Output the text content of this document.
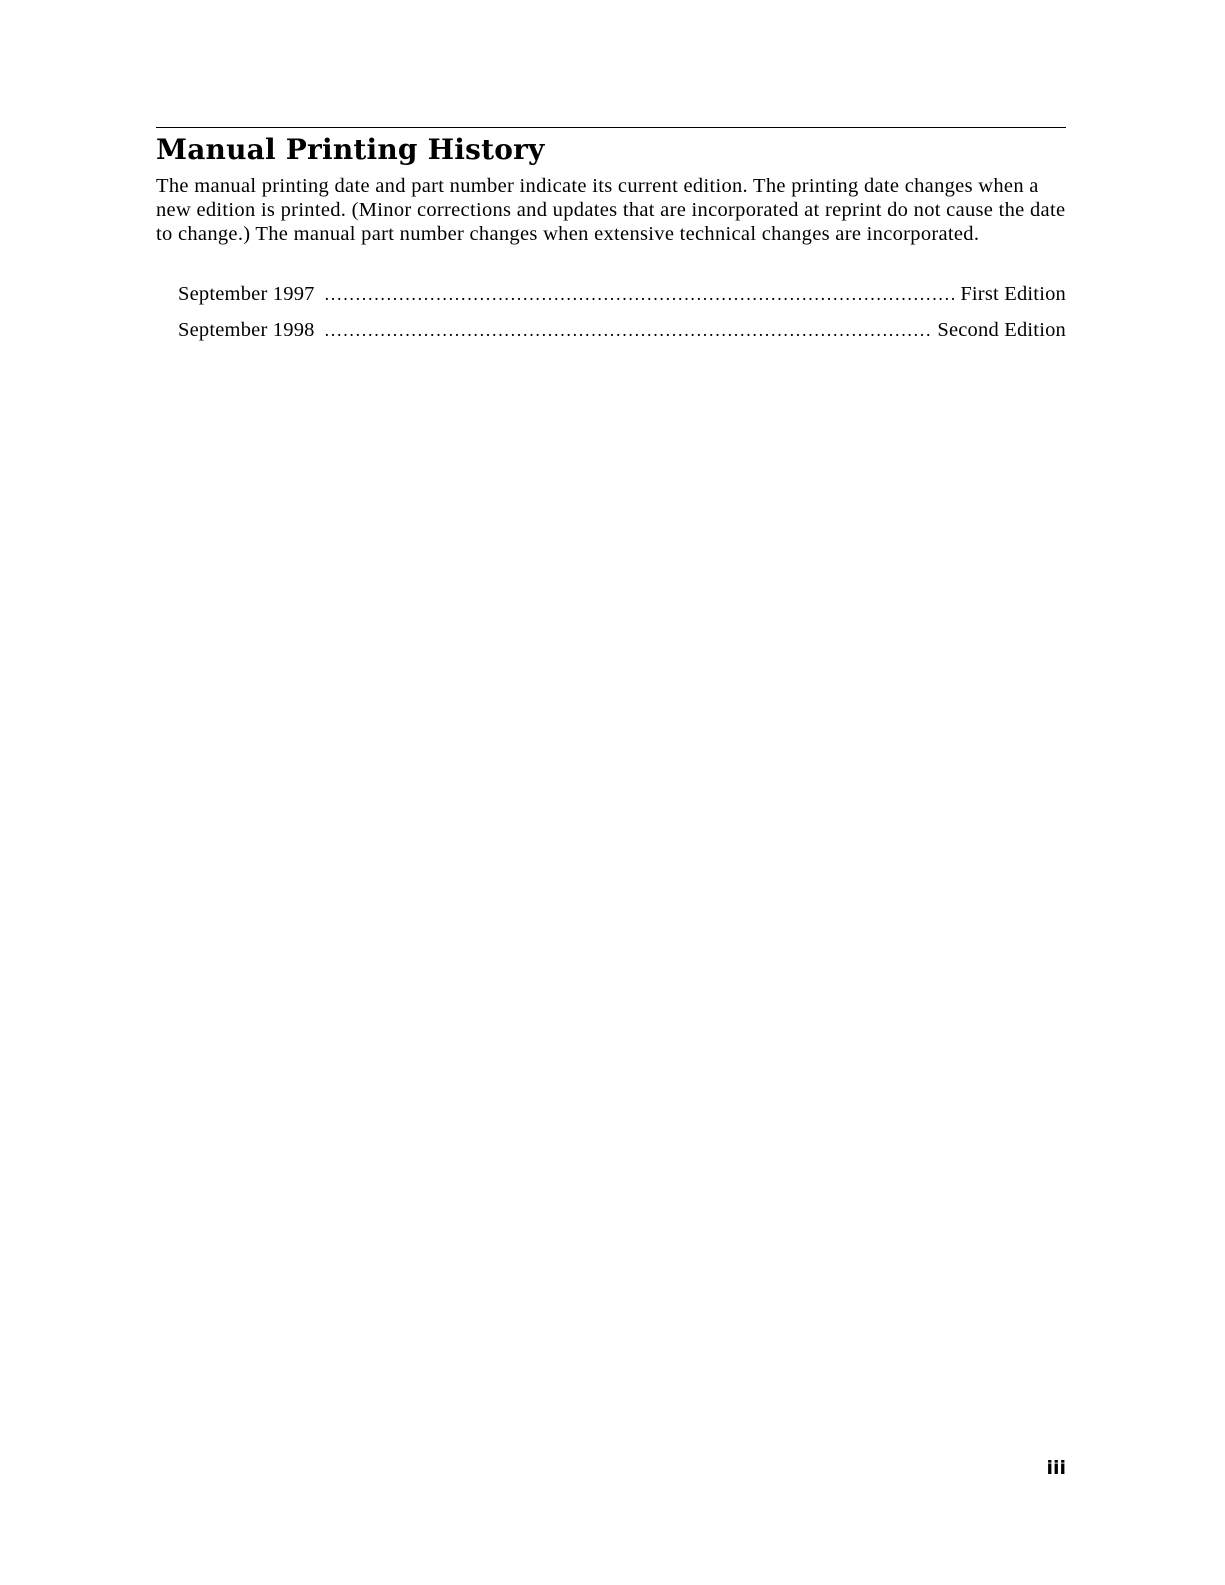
Manual Printing History

The manual printing date and part number indicate its current edition. The printing date changes when a new edition is printed. (Minor corrections and updates that are incorporated at reprint do not cause the date to change.) The manual part number changes when extensive technical changes are incorporated.

September 1997 . . .	First Edition
September 1998 . . .	Second Edition
iii
